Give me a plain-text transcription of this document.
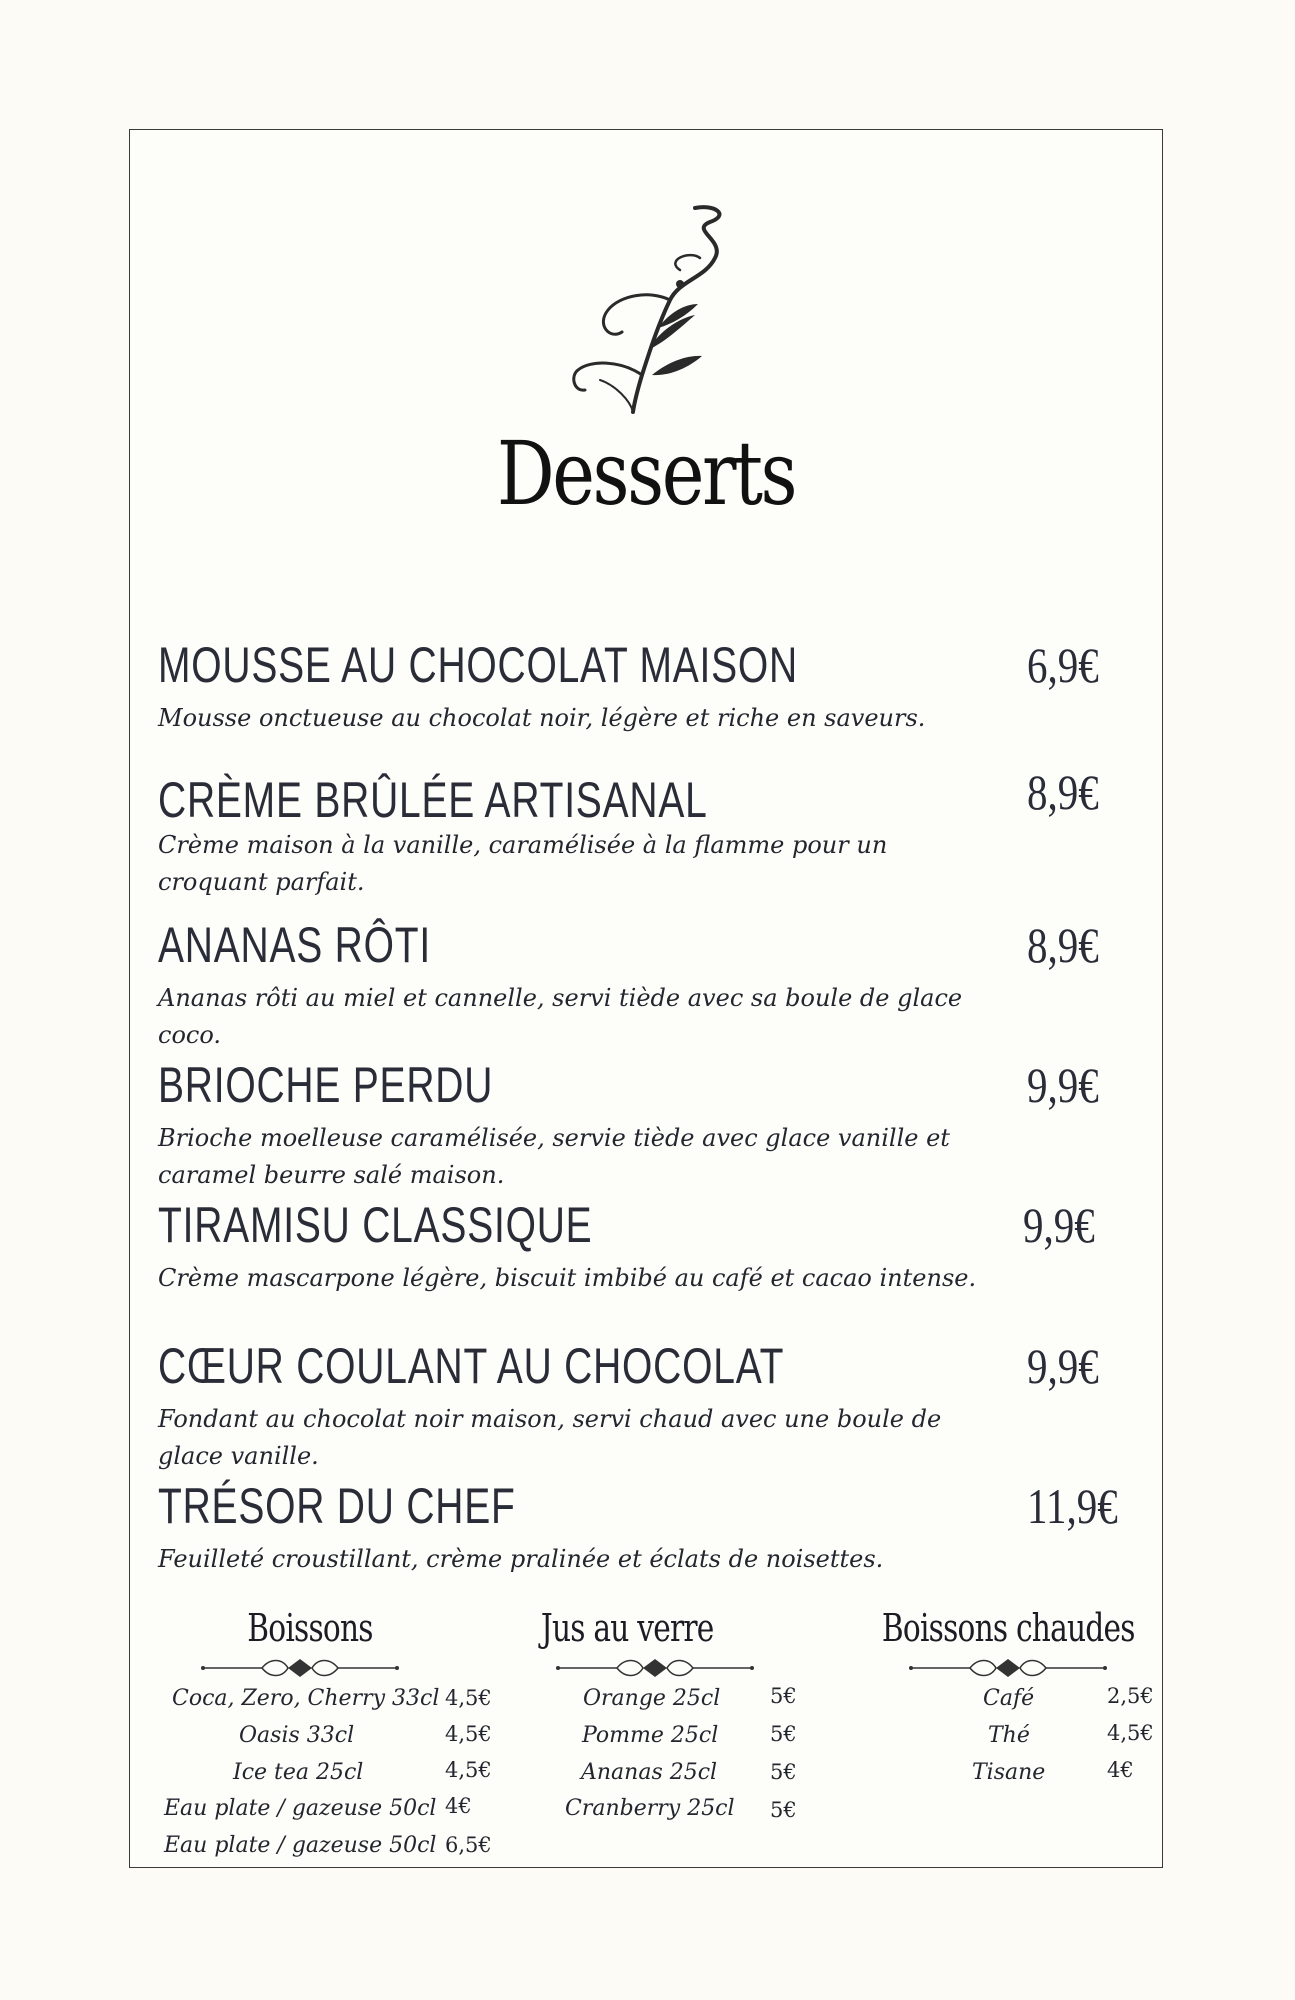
Desserts
MOUSSE AU CHOCOLAT MAISON	6,9€
Mousse onctueuse au chocolat noir, légère et riche en saveurs.
CRÈME BRÛLÉE ARTISANAL	8,9€
Crème maison à la vanille, caramélisée à la flamme pour un croquant parfait.
ANANAS RÔTI	8,9€
Ananas rôti au miel et cannelle, servi tiède avec sa boule de glace coco.
BRIOCHE PERDU	9,9€
Brioche moelleuse caramélisée, servie tiède avec glace vanille et caramel beurre salé maison.
TIRAMISU CLASSIQUE	9,9€
Crème mascarpone légère, biscuit imbibé au café et cacao intense.
CŒUR COULANT AU CHOCOLAT	9,9€
Fondant au chocolat noir maison, servi chaud avec une boule de glace vanille.
TRÉSOR DU CHEF	11,9€
Feuilleté croustillant, crème pralinée et éclats de noisettes.
Boissons
Coca, Zero, Cherry 33cl 4,5€
Oasis 33cl	4,5€
Ice tea 25cl	4,5€
Eau plate / gazeuse 50cl 4€
Eau plate / gazeuse 50cl 6,5€
Jus au verre
Orange 25cl 5€
Pomme 25cl 5€
Ananas 25cl	5€
Cranberry 25cl 5€
Boissons chaudes
Café	2,5€
Thé	4,5€
Tisane	4€
